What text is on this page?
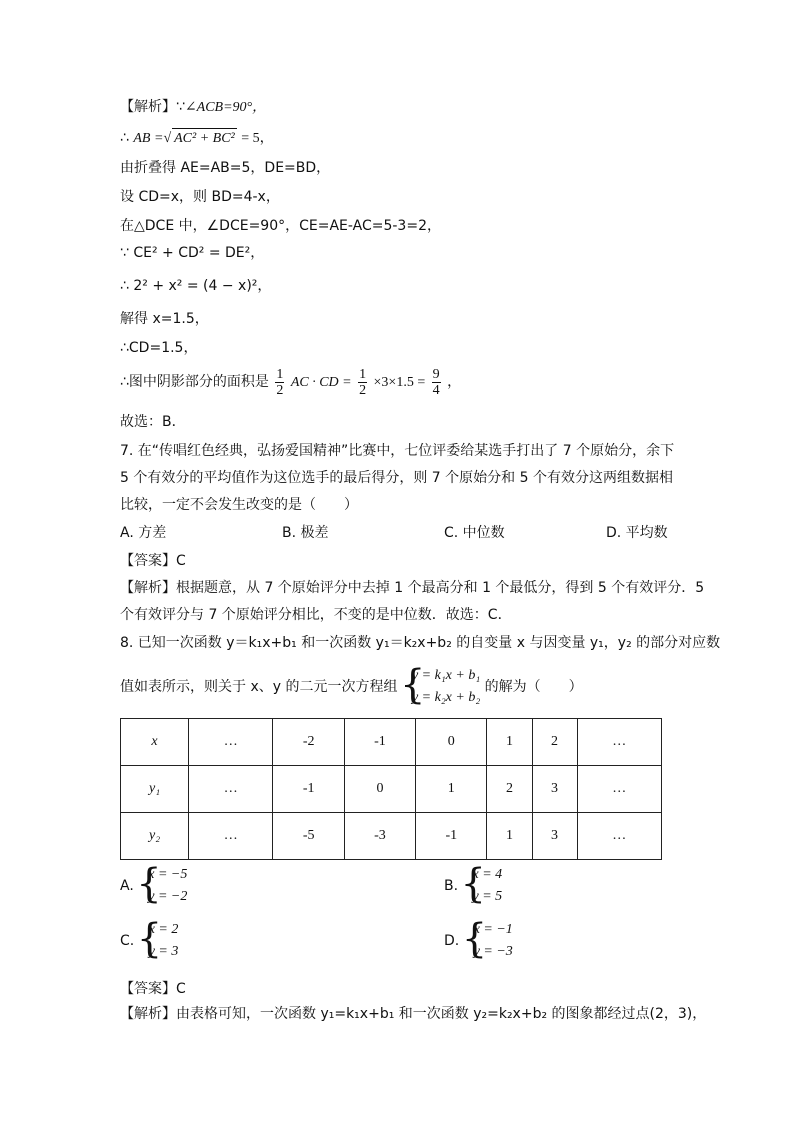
【解析】∵∠ACB=90°，
∴ AB =√ AC² + BC² = 5，
由折叠得 AE=AB=5，DE=BD，
设 CD=x，则 BD=4-x，
在△DCE 中，∠DCE=90°，CE=AE-AC=5-3=2，
∵ CE² + CD² = DE²，
∴ 2² + x² = (4 − x)²，
解得 x=1.5，
∴CD=1.5，
∴图中阴影部分的面积是 $\frac{1}{2}$ AC · CD = $\frac{1}{2} \times 3\times 1.5 = \frac{9}{4}$ ，
故选：B．
7. 在“传唱红色经典，弘扬爱国精神”比赛中，七位评委给某选手打出了 7 个原始分，余下
5 个有效分的平均值作为这位选手的最后得分，则 7 个原始分和 5 个有效分这两组数据相
比较，一定不会发生改变的是（　　）
A. 方差	B. 极差	C. 中位数	D. 平均数
【答案】C
【解析】根据题意，从 7 个原始评分中去掉 1 个最高分和 1 个最低分，得到 5 个有效评分．5
个有效评分与 7 个原始评分相比，不变的是中位数．故选：C．
8. 已知一次函数 y＝k₁x+b₁ 和一次函数 y₁＝k₂x+b₂ 的自变量 x 与因变量 y₁，y₂ 的部分对应数
值如表所示，则关于 x、y 的二元一次方程组
{ y = k₁x + b₁
y = k₂x + b₂
的解为（　　）
x	…	-2	-1	0	1	2	…
y₁	…	-1	0	1	2	3	…
y₂	…	-5	-3	-1	1	3	…
A.
{ x = −5
y = −2
B.
{ x = 4
y = 5
C.
{ x = 2
y = 3
D.
{ x = −1
y = −3
【答案】C
【解析】由表格可知，一次函数 y₁=k₁x+b₁ 和一次函数 y₂=k₂x+b₂ 的图象都经过点(2，3)，
